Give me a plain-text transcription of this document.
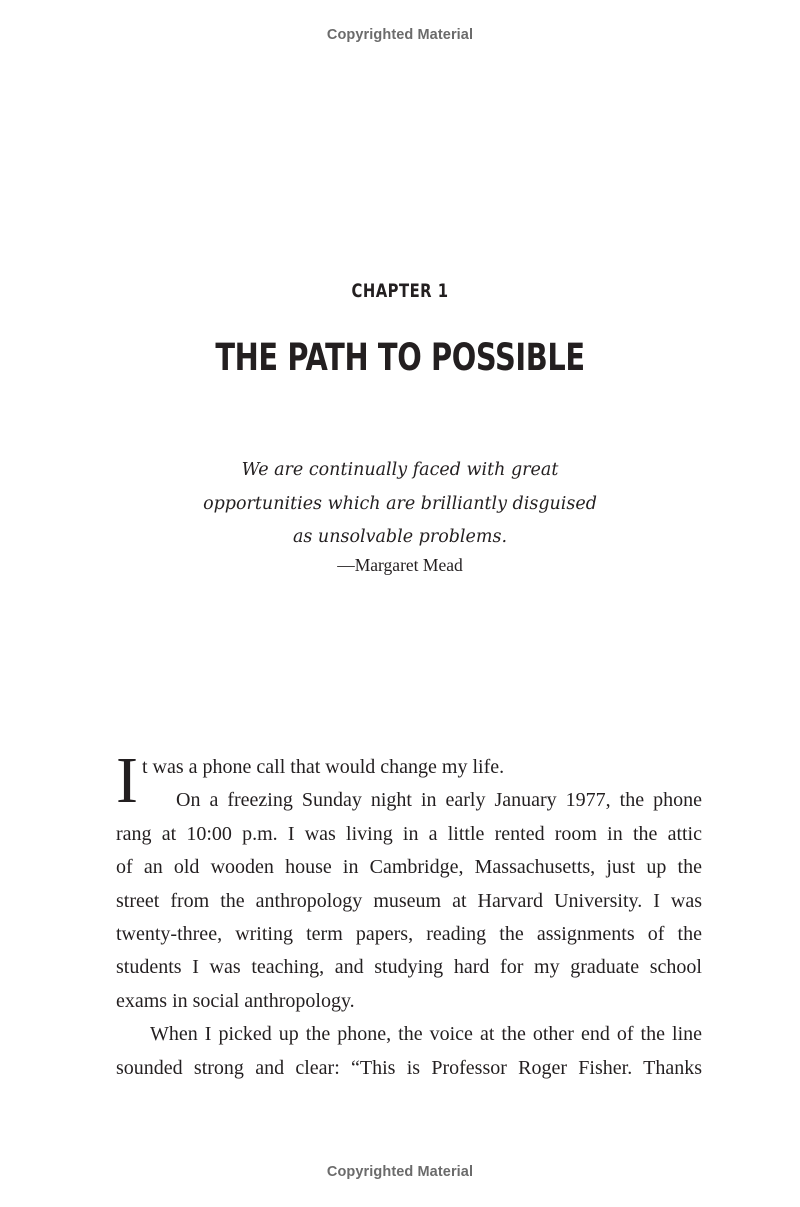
Copyrighted Material
CHAPTER 1
THE PATH TO POSSIBLE
We are continually faced with great
opportunities which are brilliantly disguised
as unsolvable problems.
—Margaret Mead
I t was a phone call that would change my life.
On a freezing Sunday night in early January 1977, the phone
rang at 10:00 p.m. I was living in a little rented room in the attic
of an old wooden house in Cambridge, Massachusetts, just up the
street from the anthropology museum at Harvard University. I was
twenty-three, writing term papers, reading the assignments of the
students I was teaching, and studying hard for my graduate school
exams in social anthropology.
When I picked up the phone, the voice at the other end of the line
sounded strong and clear: “This is Professor Roger Fisher. Thanks
Copyrighted Material
